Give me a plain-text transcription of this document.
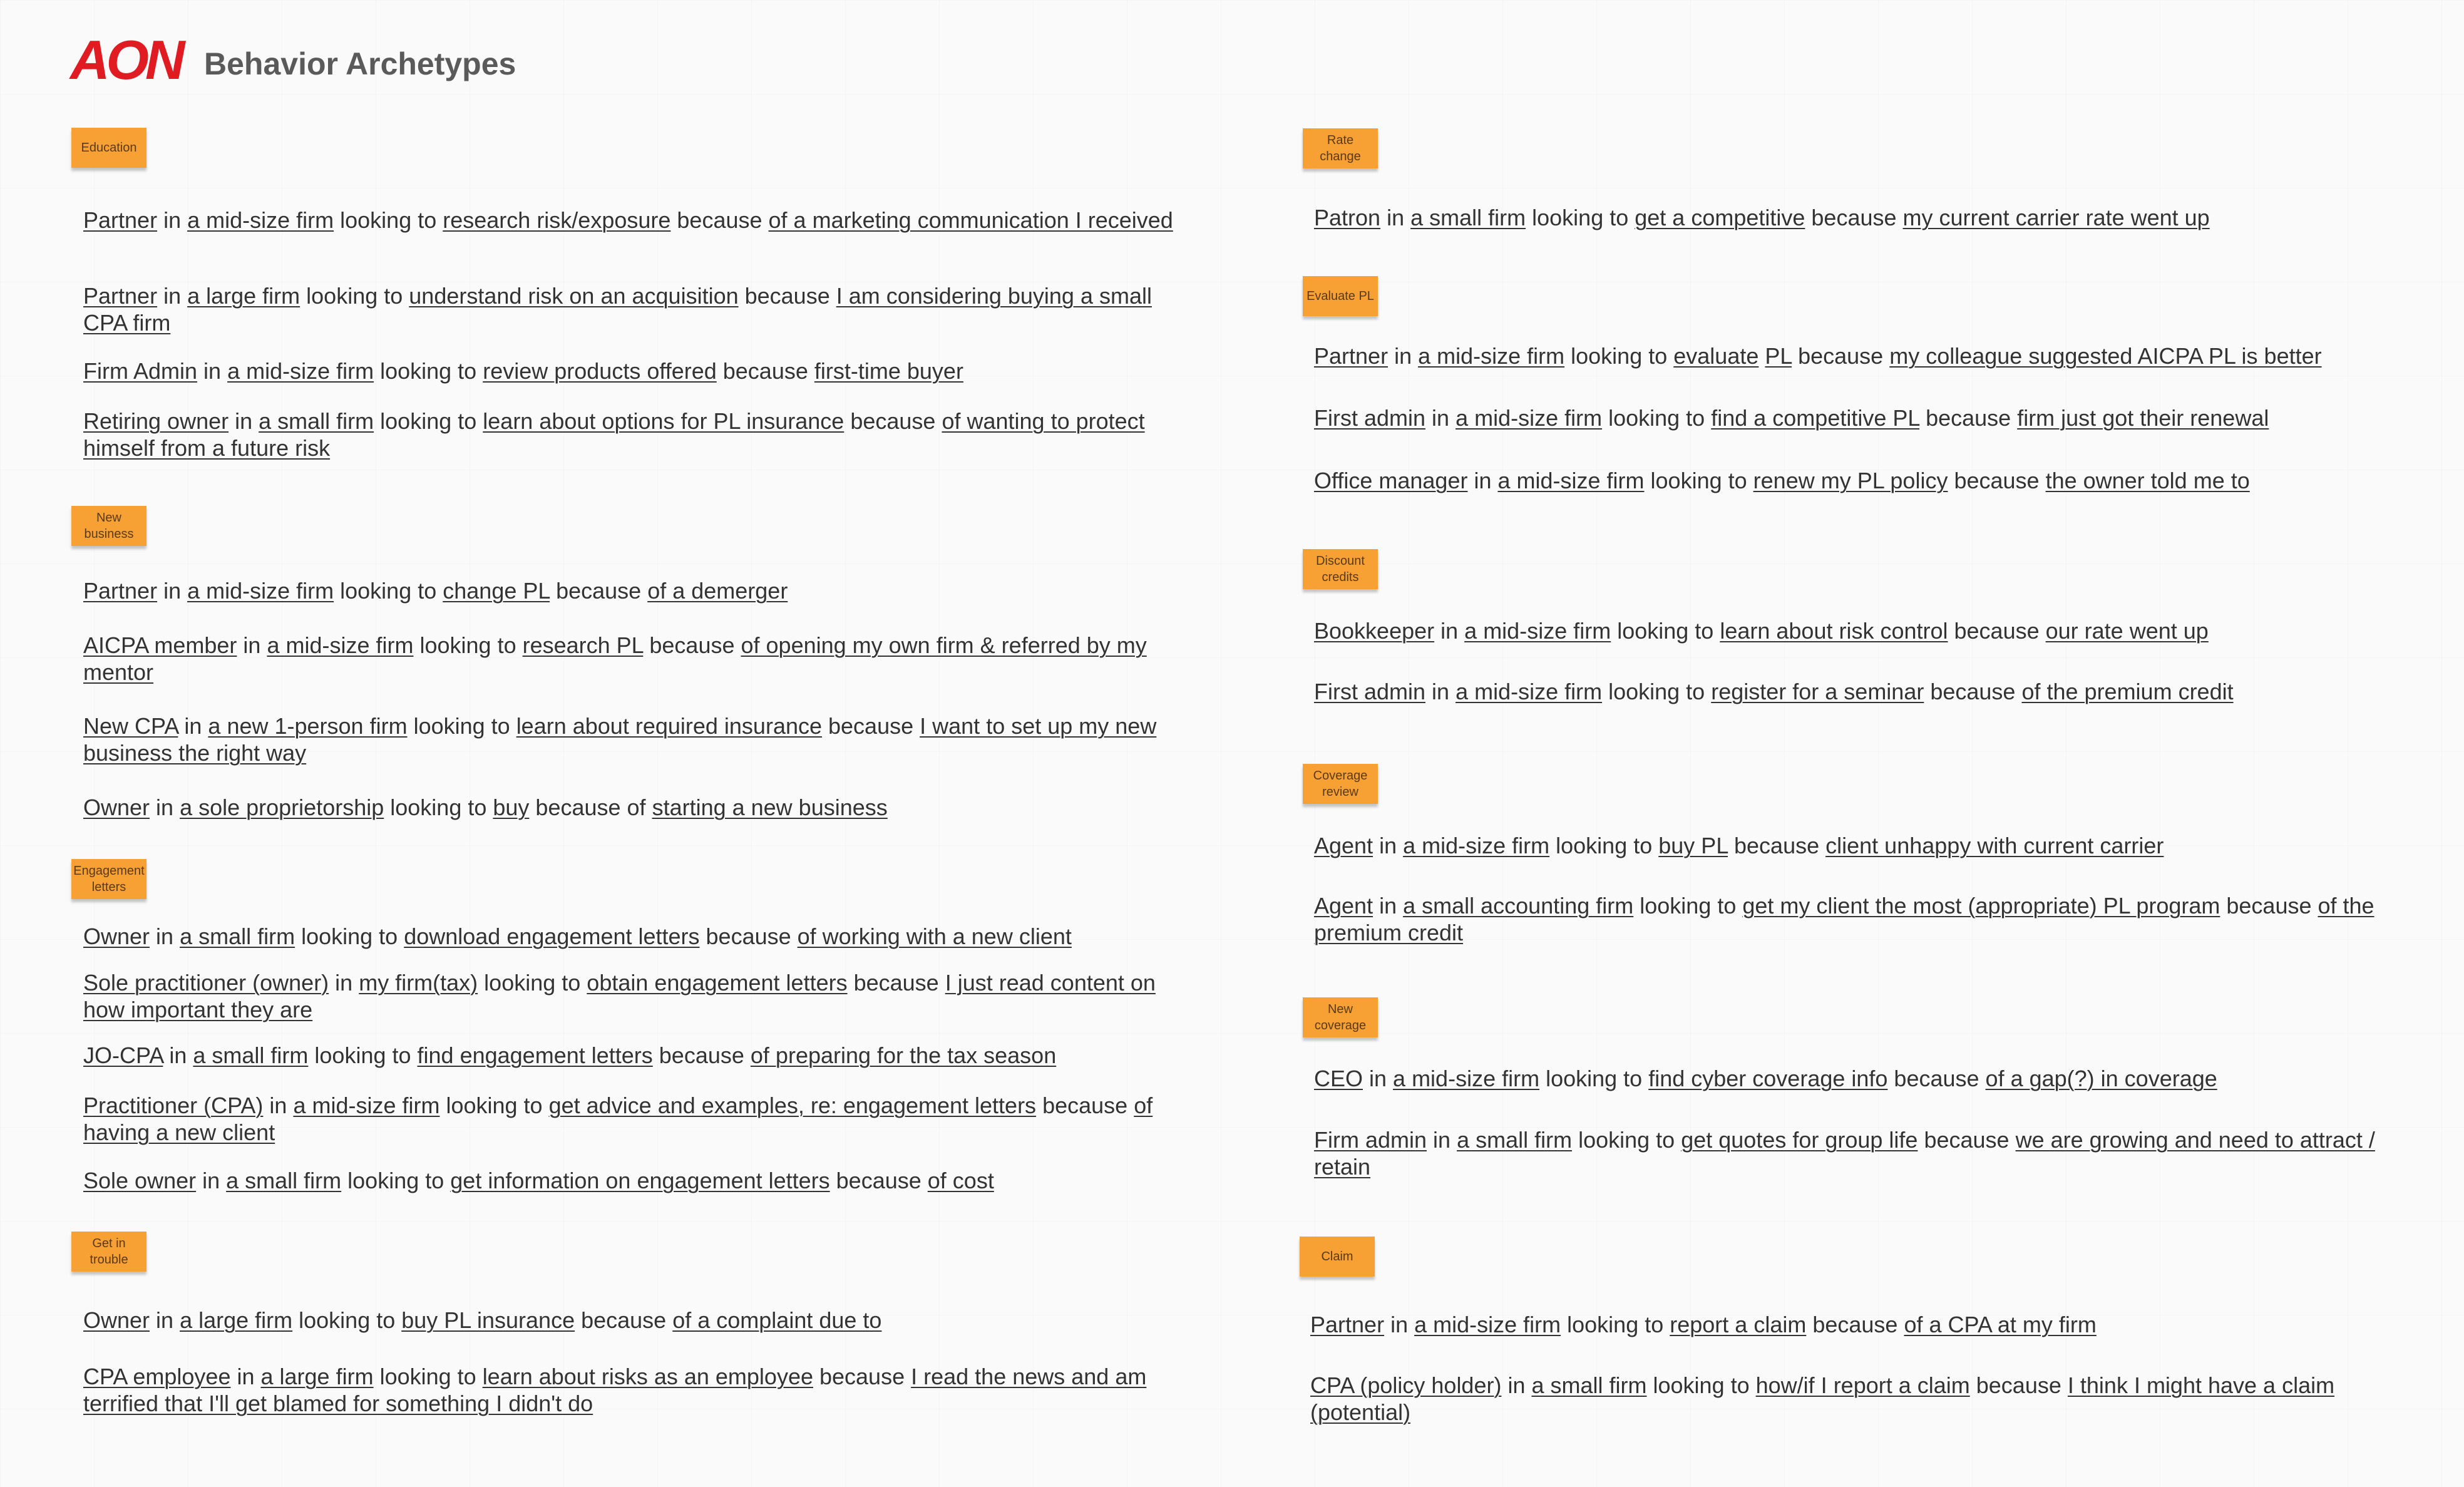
AON Behavior Archetypes
Education
New business
Engagement letters
Get in trouble
Rate change
Evaluate PL
Discount credits
Coverage review
New coverage
Claim

Partner in a mid-size firm looking to research risk/exposure because of a marketing communication I received

Partner in a large firm looking to understand risk on an acquisition because I am considering buying a small CPA firm

Firm Admin in a mid-size firm looking to review products offered because first-time buyer

Retiring owner in a small firm looking to learn about options for PL insurance because of wanting to protect himself from a future risk

Partner in a mid-size firm looking to change PL because of a demerger

AICPA member in a mid-size firm looking to research PL because of opening my own firm & referred by my mentor

New CPA in a new 1-person firm looking to learn about required insurance because I want to set up my new business the right way

Owner in a sole proprietorship looking to buy because of starting a new business

Owner in a small firm looking to download engagement letters because of working with a new client

Sole practitioner (owner) in my firm(tax) looking to obtain engagement letters because I just read content on how important they are

JO-CPA in a small firm looking to find engagement letters because of preparing for the tax season

Practitioner (CPA) in a mid-size firm looking to get advice and examples, re: engagement letters because of having a new client

Sole owner in a small firm looking to get information on engagement letters because of cost

Owner in a large firm looking to buy PL insurance because of a complaint due to

CPA employee in a large firm looking to learn about risks as an employee because I read the news and am terrified that I'll get blamed for something I didn't do

Patron in a small firm looking to get a competitive because my current carrier rate went up

Partner in a mid-size firm looking to evaluate PL because my colleague suggested AICPA PL is better

First admin in a mid-size firm looking to find a competitive PL because firm just got their renewal

Office manager in a mid-size firm looking to renew my PL policy because the owner told me to

Bookkeeper in a mid-size firm looking to learn about risk control because our rate went up

First admin in a mid-size firm looking to register for a seminar because of the premium credit

Agent in a mid-size firm looking to buy PL because client unhappy with current carrier

Agent in a small accounting firm looking to get my client the most (appropriate) PL program because of the premium credit

CEO in a mid-size firm looking to find cyber coverage info because of a gap(?) in coverage

Firm admin in a small firm looking to get quotes for group life because we are growing and need to attract / retain

Partner in a mid-size firm looking to report a claim because of a CPA at my firm

CPA (policy holder) in a small firm looking to how/if I report a claim because I think I might have a claim (potential)
